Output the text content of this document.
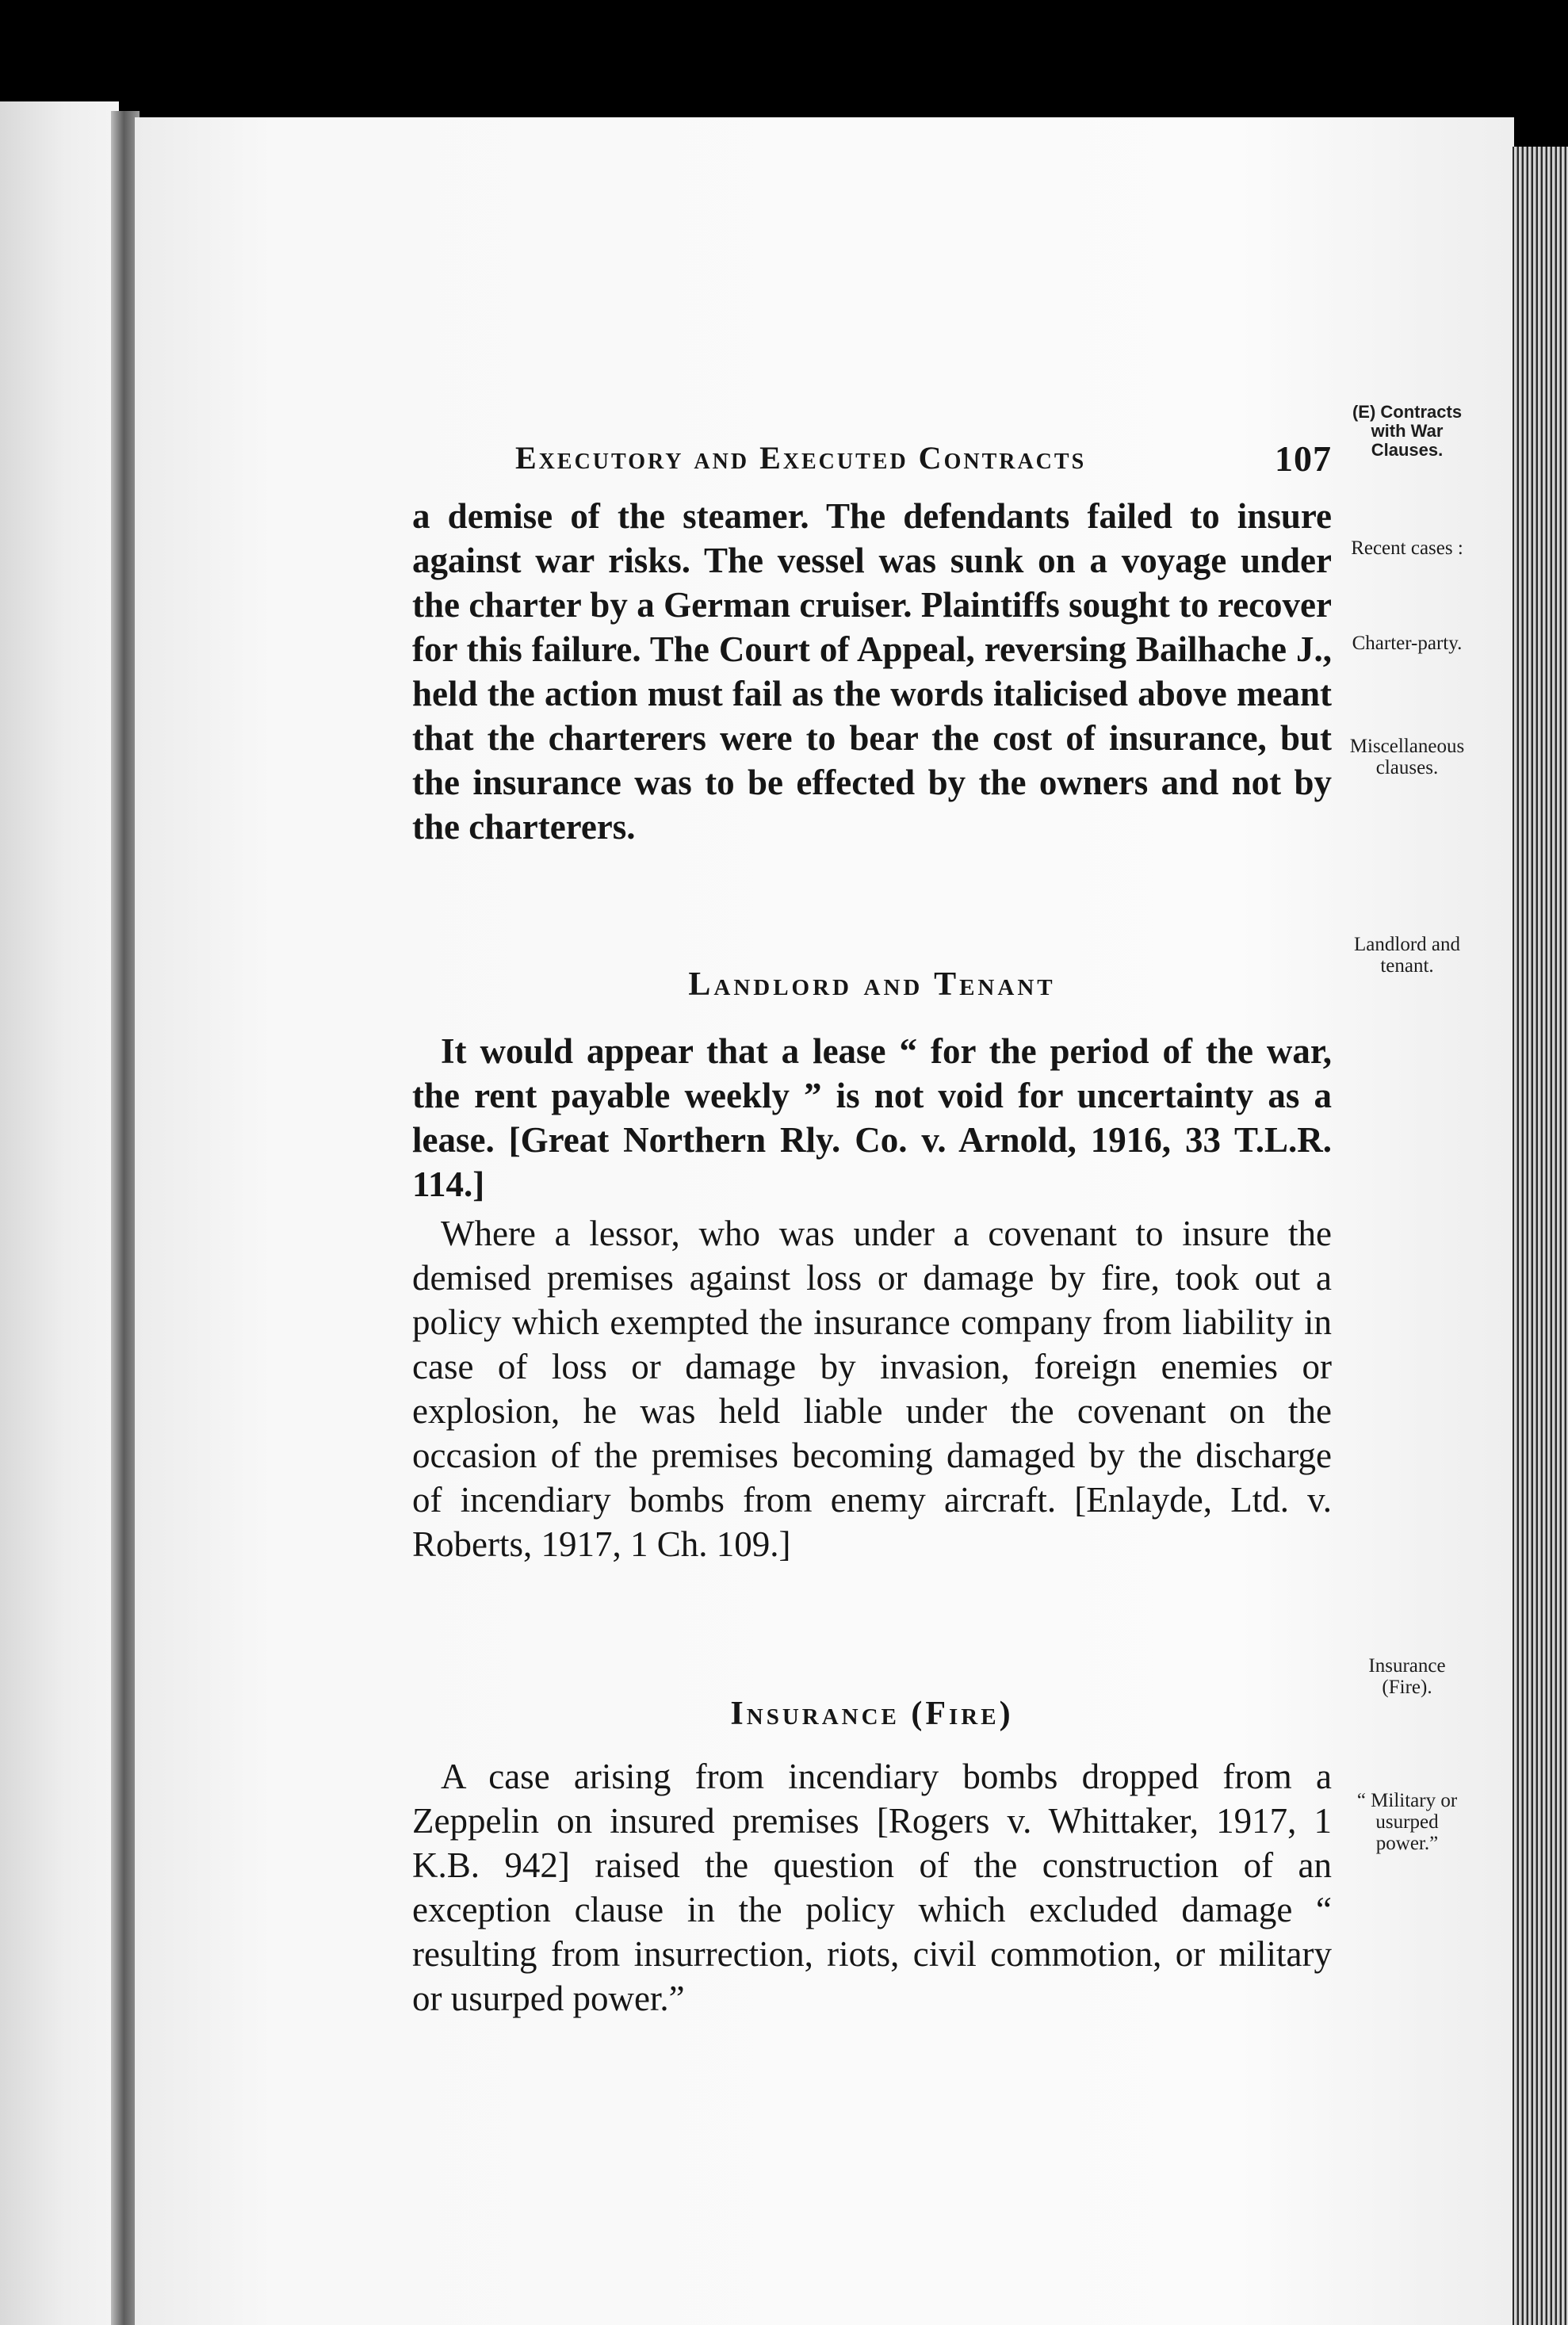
Executory and Executed Contracts	107

a demise of the steamer. The defendants failed to insure against war risks. The vessel was sunk on a voyage under the charter by a German cruiser. Plaintiffs sought to recover for this failure. The Court of Appeal, reversing Bailhache J., held the action must fail as the words italicised above meant that the charterers were to bear the cost of insurance, but the insurance was to be effected by the owners and not by the charterers.

Landlord and Tenant

It would appear that a lease “ for the period of the war, the rent payable weekly ” is not void for uncertainty as a lease. [Great Northern Rly. Co. v. Arnold, 1916, 33 T.L.R. 114.]

Where a lessor, who was under a covenant to insure the demised premises against loss or damage by fire, took out a policy which exempted the insurance company from liability in case of loss or damage by invasion, foreign enemies or explosion, he was held liable under the covenant on the occasion of the premises becoming damaged by the discharge of incendiary bombs from enemy aircraft. [Enlayde, Ltd. v. Roberts, 1917, 1 Ch. 109.]

Insurance (Fire)

A case arising from incendiary bombs dropped from a Zeppelin on insured premises [Rogers v. Whittaker, 1917, 1 K.B. 942] raised the question of the construction of an exception clause in the policy which excluded damage “ resulting from insurrection, riots, civil commotion, or military or usurped power.”

(E) Contracts with War Clauses.
Recent cases :
Charter-party.
Miscellaneous clauses.
Landlord and tenant.
Insurance (Fire).
“ Military or usurped power.”
